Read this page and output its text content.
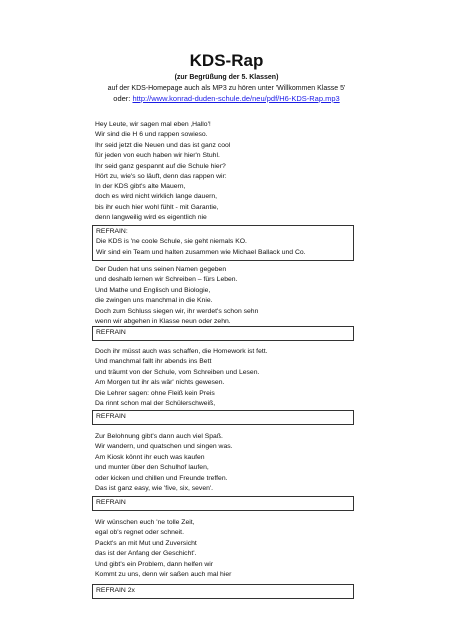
KDS-Rap
(zur Begrüßung der 5. Klassen)
auf der KDS-Homepage auch als MP3 zu hören unter 'Willkommen Klasse 5'
oder: http://www.konrad-duden-schule.de/neu/pdf/H6-KDS-Rap.mp3
Hey Leute, wir sagen mal eben ‚Hallo'!
Wir sind die H 6 und rappen sowieso.
Ihr seid jetzt die Neuen und das ist ganz cool
für jeden von euch haben wir hier'n Stuhl.
Ihr seid ganz gespannt auf die Schule hier?
Hört zu, wie's so läuft, denn das rappen wir:
In der KDS gibt's alte Mauern,
doch es wird nicht wirklich lange dauern,
bis ihr euch hier wohl fühlt - mit Garantie,
denn langweilig wird es eigentlich nie
REFRAIN:
Die KDS is 'ne coole Schule, sie geht niemals KO.
Wir sind ein Team und halten zusammen wie Michael Ballack und Co.
Der Duden hat uns seinen Namen gegeben
und deshalb lernen wir Schreiben – fürs Leben.
Und Mathe und Englisch und Biologie,
die zwingen uns manchmal in die Knie.
Doch zum Schluss siegen wir, ihr werdet's schon sehn
wenn wir abgehen in Klasse neun oder zehn.
REFRAIN
Doch ihr müsst auch was schaffen, die Homework ist fett.
Und manchmal fallt ihr abends ins Bett
und träumt von der Schule, vom Schreiben und Lesen.
Am Morgen tut ihr als wär' nichts gewesen.
Die Lehrer sagen: ohne Fleiß kein Preis
Da rinnt schon mal der Schülerschweiß,
REFRAIN
Zur Belohnung gibt's dann auch viel Spaß.
Wir wandern, und quatschen und singen was.
Am Kiosk könnt ihr euch was kaufen
und munter über den Schulhof laufen,
oder kicken und chillen und Freunde treffen.
Das ist ganz easy, wie 'five, six, seven'.
REFRAIN
Wir wünschen euch 'ne tolle Zeit,
egal ob's regnet oder schneit.
Packt's an mit Mut und Zuversicht
das ist der Anfang der Geschicht'.
Und gibt's ein Problem, dann helfen wir
Kommt zu uns, denn wir saßen auch mal hier
REFRAIN 2x
